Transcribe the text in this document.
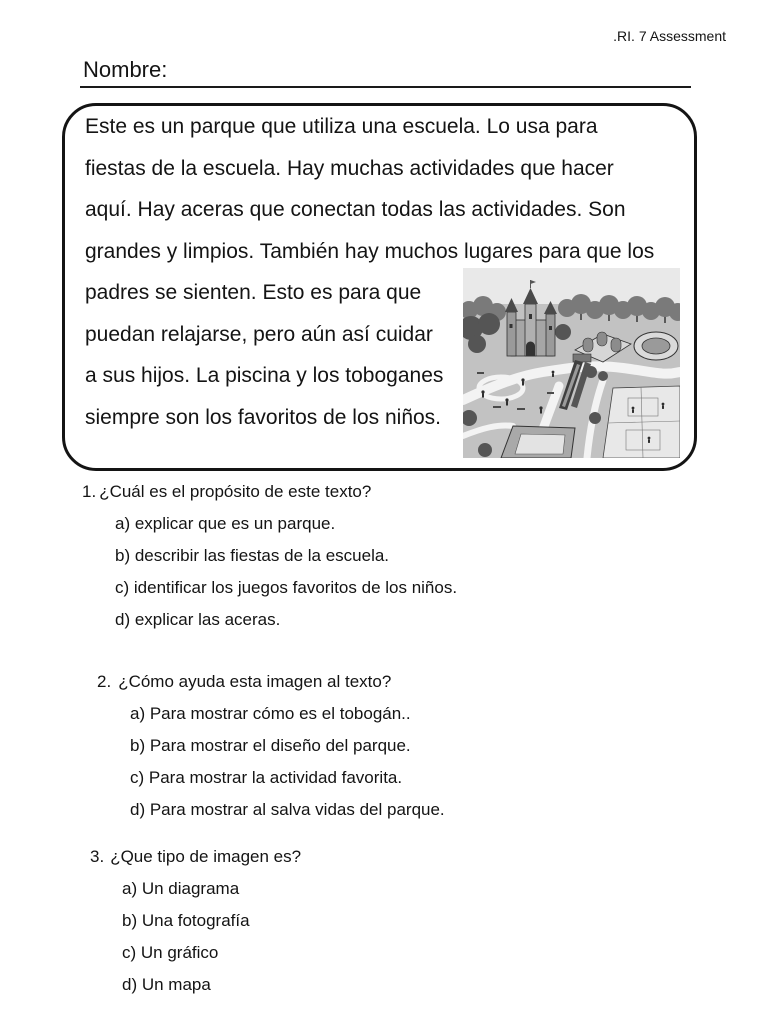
.RI. 7 Assessment
Nombre:
Este es un parque que utiliza una escuela. Lo usa para
fiestas de la escuela. Hay muchas actividades que hacer
aquí. Hay aceras que conectan todas las actividades. Son
grandes y limpios. También hay muchos lugares para que los
padres se sienten. Esto es para que
puedan relajarse, pero aún así cuidar
a sus hijos. La piscina y los toboganes
siempre son los favoritos de los niños.
1. ¿Cuál es el propósito de este texto?
a) explicar que es un parque.
b) describir las fiestas de la escuela.
c) identificar los juegos favoritos de los niños.
d) explicar las aceras.
2. ¿Cómo ayuda esta imagen al texto?
a) Para mostrar cómo es el tobogán..
b) Para mostrar el diseño del parque.
c) Para mostrar la actividad favorita.
d) Para mostrar al salva vidas del parque.
3. ¿Que tipo de imagen es?
a) Un diagrama
b) Una fotografía
c) Un gráfico
d) Un mapa
